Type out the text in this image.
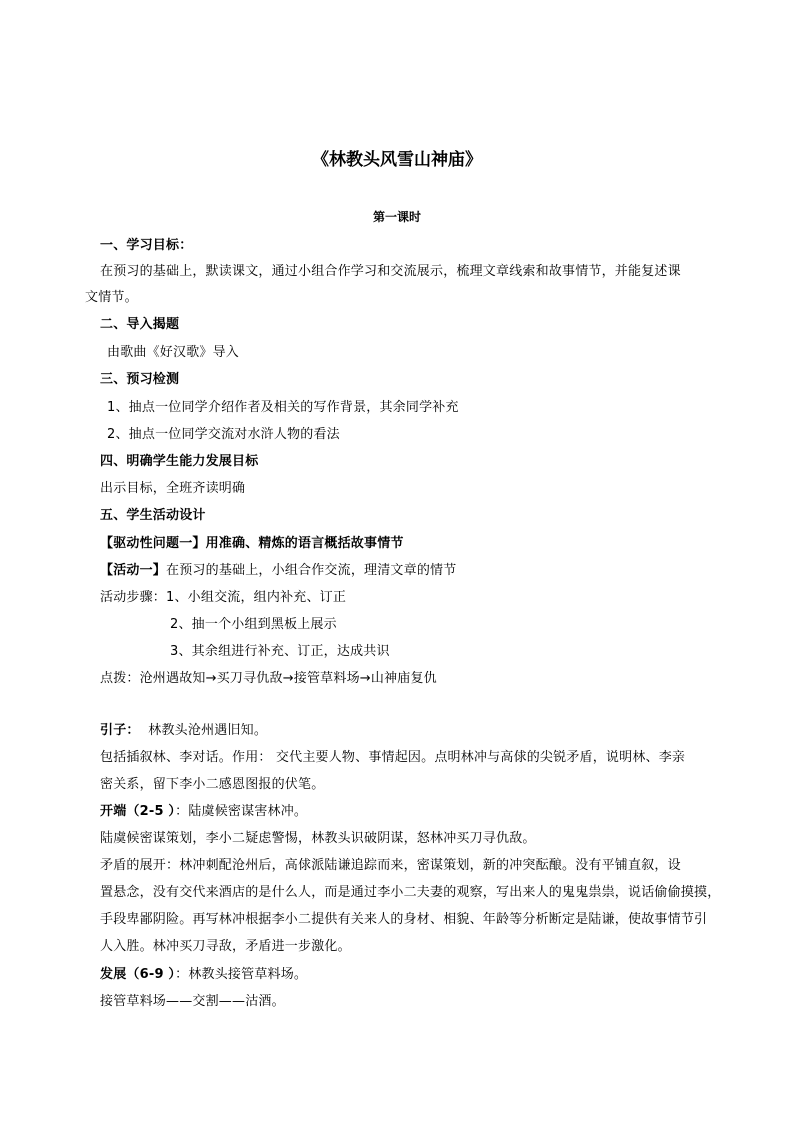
《林教头风雪山神庙》
第一课时
一、学习目标：
在预习的基础上，默读课文，通过小组合作学习和交流展示，梳理文章线索和故事情节，并能复述课
文情节。
二、导入揭题
由歌曲《好汉歌》导入
三、预习检测
1、抽点一位同学介绍作者及相关的写作背景，其余同学补充
2、抽点一位同学交流对水浒人物的看法
四、明确学生能力发展目标
出示目标，全班齐读明确
五、学生活动设计
【驱动性问题一】用准确、精炼的语言概括故事情节
【活动一】在预习的基础上，小组合作交流，理清文章的情节
活动步骤：1、小组交流，组内补充、订正
2、抽一个小组到黑板上展示
3、其余组进行补充、订正，达成共识
点拨：沧州遇故知→买刀寻仇敌→接管草料场→山神庙复仇
引子： 林教头沧州遇旧知。
包括插叙林、李对话。作用： 交代主要人物、事情起因。点明林冲与高俅的尖锐矛盾，说明林、李亲
密关系，留下李小二感恩图报的伏笔。
开端（2-5 ）：陆虞候密谋害林冲。
陆虞候密谋策划，李小二疑虑警惕，林教头识破阴谋，怒林冲买刀寻仇敌。
矛盾的展开：林冲刺配沧州后，高俅派陆谦追踪而来，密谋策划，新的冲突酝酿。没有平铺直叙，设
置悬念，没有交代来酒店的是什么人，而是通过李小二夫妻的观察，写出来人的鬼鬼祟祟，说话偷偷摸摸，
手段卑鄙阴险。再写林冲根据李小二提供有关来人的身材、相貌、年龄等分析断定是陆谦，使故事情节引
人入胜。林冲买刀寻敌，矛盾进一步激化。
发展（6-9 ）：林教头接管草料场。
接管草料场——交割——沽酒。
